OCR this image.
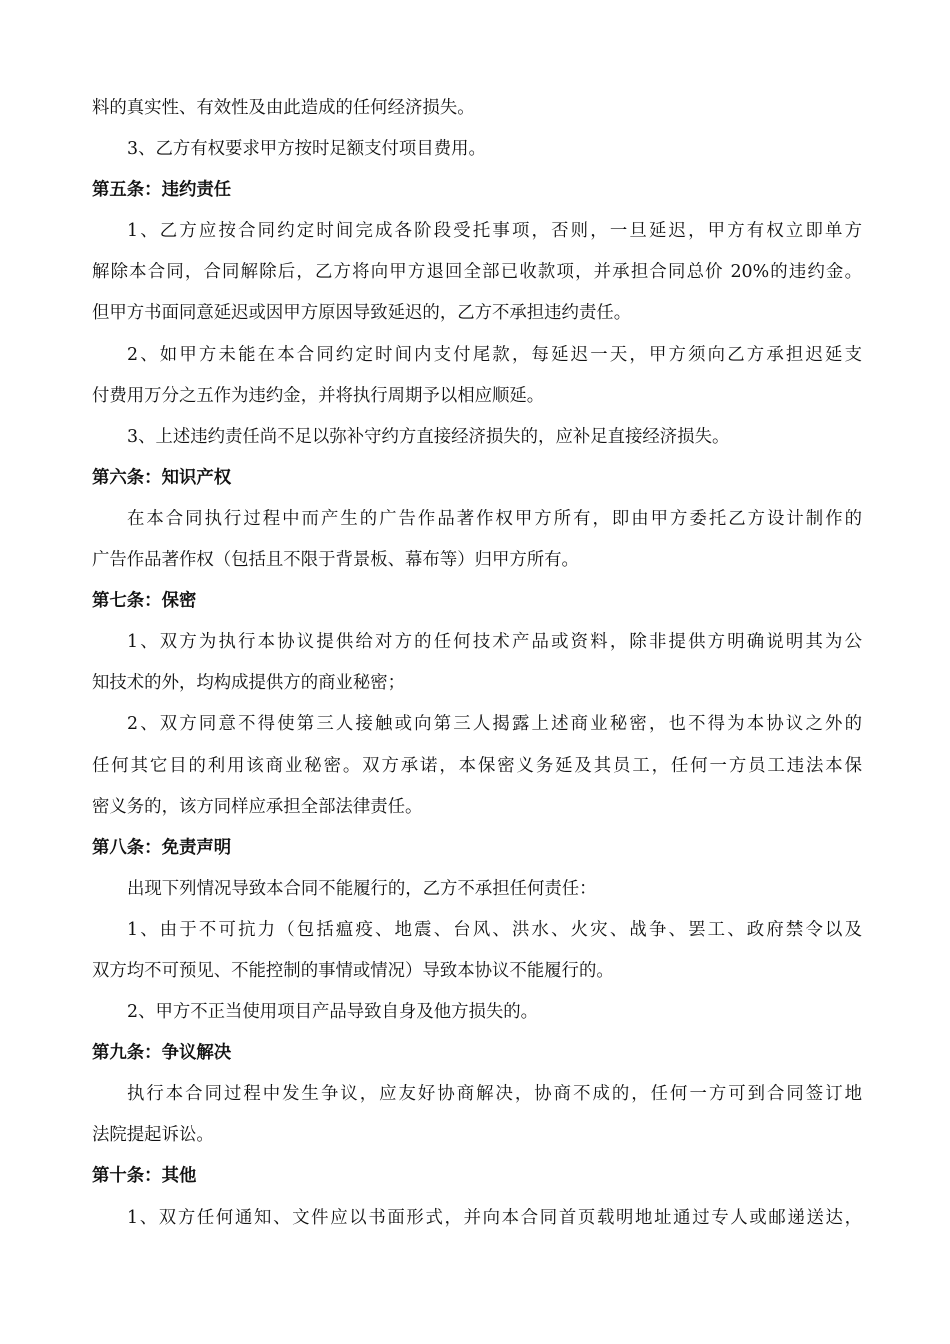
料的真实性、有效性及由此造成的任何经济损失。
3、乙方有权要求甲方按时足额支付项目费用。
第五条：违约责任
1、乙方应按合同约定时间完成各阶段受托事项，否则，一旦延迟，甲方有权立即单方
解除本合同，合同解除后，乙方将向甲方退回全部已收款项，并承担合同总价 20%的违约金。
但甲方书面同意延迟或因甲方原因导致延迟的，乙方不承担违约责任。
2、如甲方未能在本合同约定时间内支付尾款，每延迟一天，甲方须向乙方承担迟延支
付费用万分之五作为违约金，并将执行周期予以相应顺延。
3、上述违约责任尚不足以弥补守约方直接经济损失的，应补足直接经济损失。
第六条：知识产权
在本合同执行过程中而产生的广告作品著作权甲方所有，即由甲方委托乙方设计制作的
广告作品著作权（包括且不限于背景板、幕布等）归甲方所有。
第七条：保密
1、双方为执行本协议提供给对方的任何技术产品或资料，除非提供方明确说明其为公
知技术的外，均构成提供方的商业秘密；
2、双方同意不得使第三人接触或向第三人揭露上述商业秘密，也不得为本协议之外的
任何其它目的利用该商业秘密。双方承诺，本保密义务延及其员工，任何一方员工违法本保
密义务的，该方同样应承担全部法律责任。
第八条：免责声明
出现下列情况导致本合同不能履行的，乙方不承担任何责任：
1、由于不可抗力（包括瘟疫、地震、台风、洪水、火灾、战争、罢工、政府禁令以及
双方均不可预见、不能控制的事情或情况）导致本协议不能履行的。
2、甲方不正当使用项目产品导致自身及他方损失的。
第九条：争议解决
执行本合同过程中发生争议，应友好协商解决，协商不成的，任何一方可到合同签订地
法院提起诉讼。
第十条：其他
1、双方任何通知、文件应以书面形式，并向本合同首页载明地址通过专人或邮递送达，
